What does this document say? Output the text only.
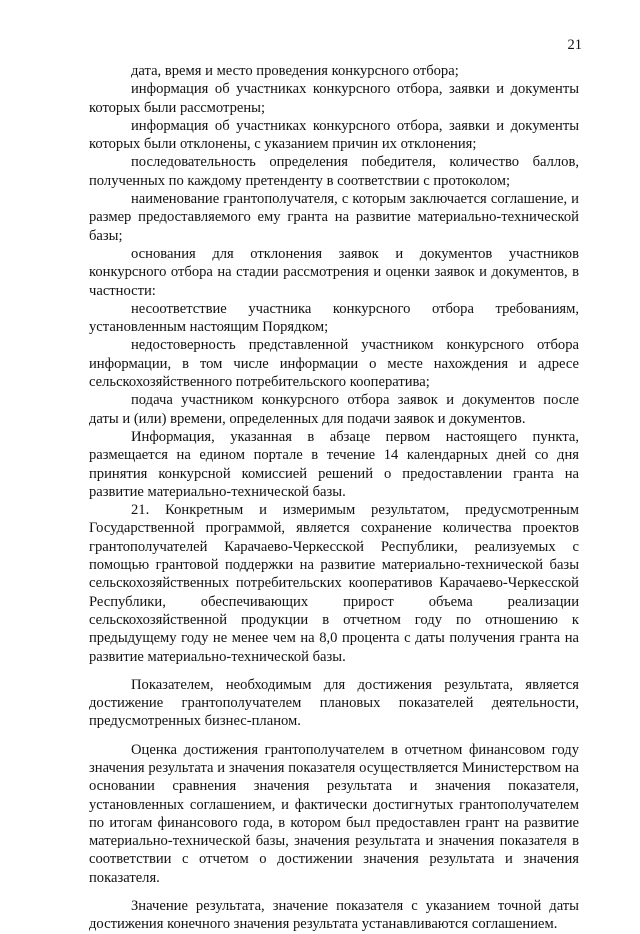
21

дата, время и место проведения конкурсного отбора;

информация об участниках конкурсного отбора, заявки и документы которых были рассмотрены;

информация об участниках конкурсного отбора, заявки и документы которых были отклонены, с указанием причин их отклонения;

последовательность определения победителя, количество баллов, полученных по каждому претенденту в соответствии с протоколом;

наименование грантополучателя, с которым заключается соглашение, и размер предоставляемого ему гранта на развитие материально-технической базы;

основания для отклонения заявок и документов участников конкурсного отбора на стадии рассмотрения и оценки заявок и документов, в частности:

несоответствие участника конкурсного отбора требованиям, установленным настоящим Порядком;

недостоверность представленной участником конкурсного отбора информации, в том числе информации о месте нахождения и адресе сельскохозяйственного потребительского кооператива;

подача участником конкурсного отбора заявок и документов после даты и (или) времени, определенных для подачи заявок и документов.

Информация, указанная в абзаце первом настоящего пункта, размещается на едином портале в течение 14 календарных дней со дня принятия конкурсной комиссией решений о предоставлении гранта на развитие материально-технической базы.

21. Конкретным и измеримым результатом, предусмотренным Государственной программой, является сохранение количества проектов грантополучателей Карачаево-Черкесской Республики, реализуемых с помощью грантовой поддержки на развитие материально-технической базы сельскохозяйственных потребительских кооперативов Карачаево-Черкесской Республики, обеспечивающих прирост объема реализации сельскохозяйственной продукции в отчетном году по отношению к предыдущему году не менее чем на 8,0 процента с даты получения гранта на развитие материально-технической базы.

Показателем, необходимым для достижения результата, является достижение грантополучателем плановых показателей деятельности, предусмотренных бизнес-планом.

Оценка достижения грантополучателем в отчетном финансовом году значения результата и значения показателя осуществляется Министерством на основании сравнения значения результата и значения показателя, установленных соглашением, и фактически достигнутых грантополучателем по итогам финансового года, в котором был предоставлен грант на развитие материально-технической базы, значения результата и значения показателя в соответствии с отчетом о достижении значения результата и значения показателя.

Значение результата, значение показателя с указанием точной даты достижения конечного значения результата устанавливаются соглашением.
